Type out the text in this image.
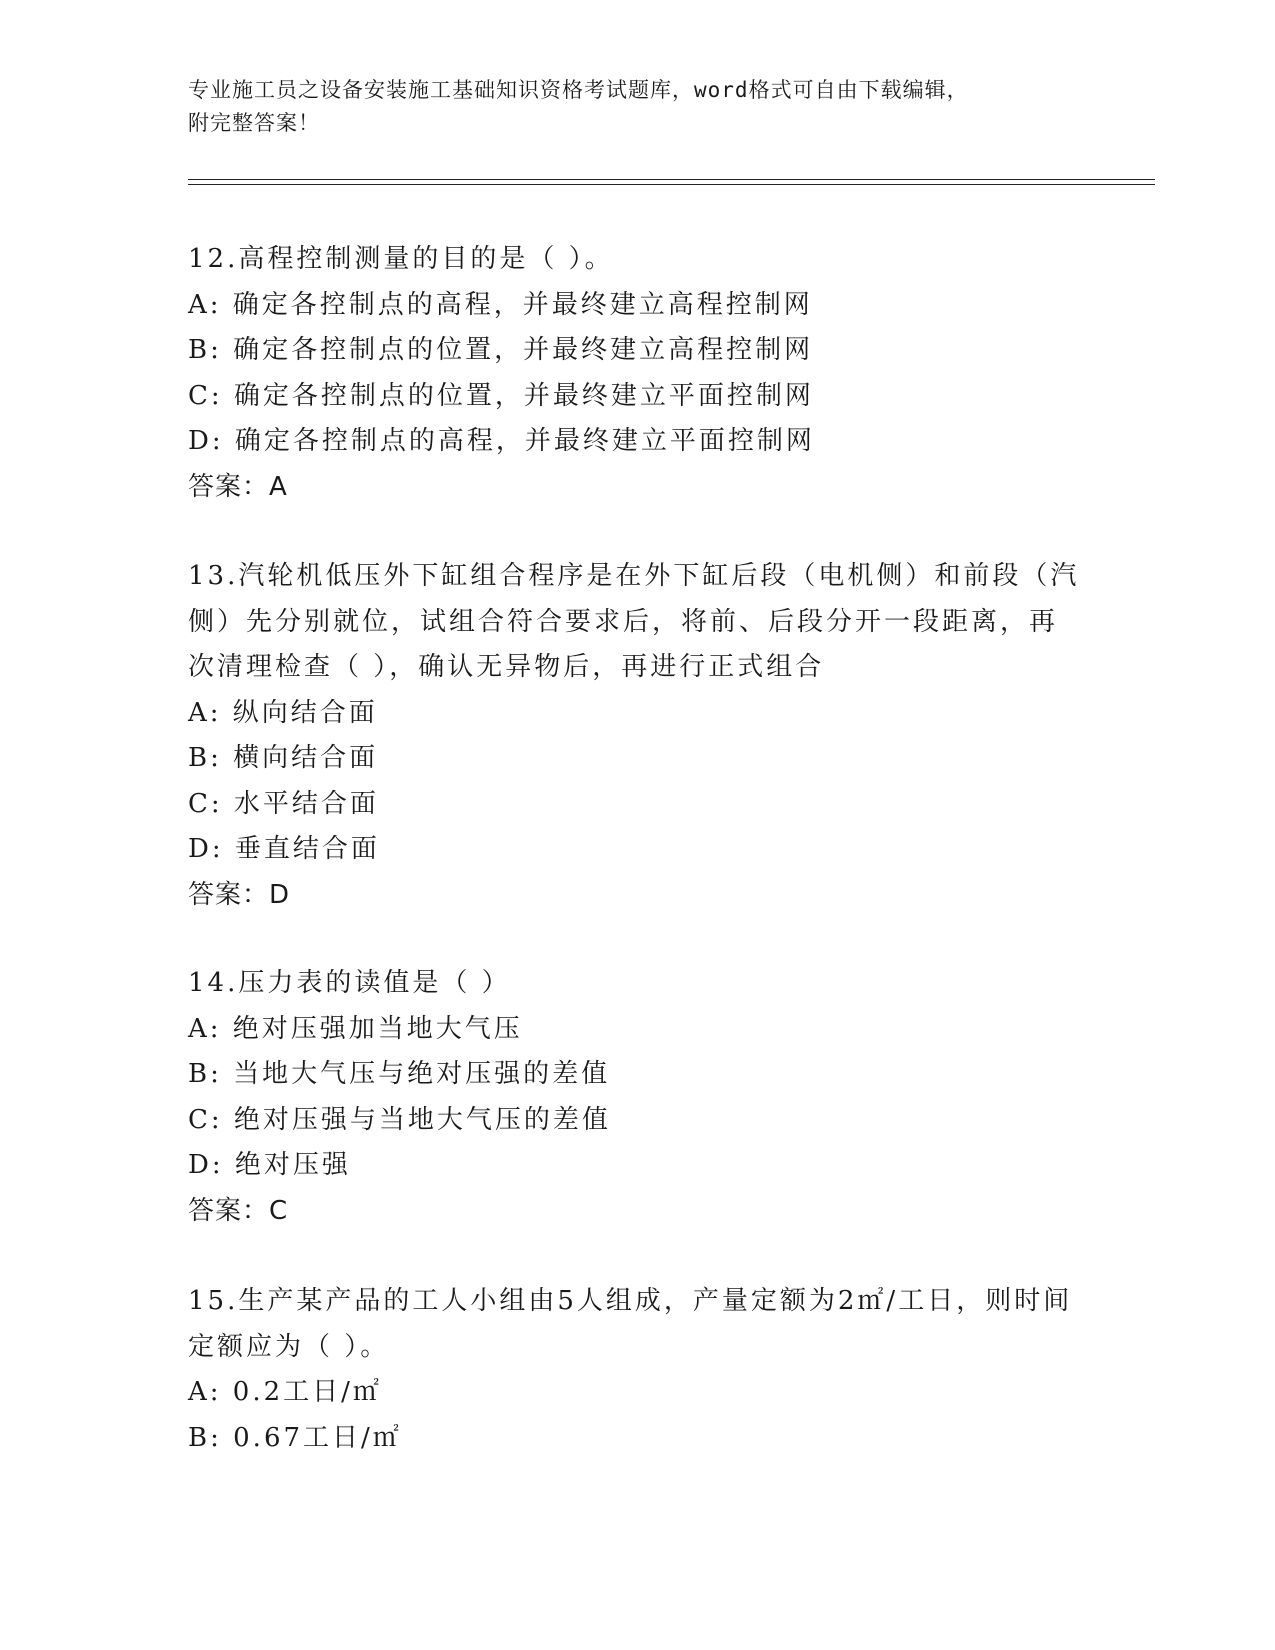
专业施工员之设备安装施工基础知识资格考试题库，word格式可自由下载编辑，
附完整答案！
12.高程控制测量的目的是（ ）。
A: 确定各控制点的高程，并最终建立高程控制网
B: 确定各控制点的位置，并最终建立高程控制网
C: 确定各控制点的位置，并最终建立平面控制网
D: 确定各控制点的高程，并最终建立平面控制网
答案：A
13.汽轮机低压外下缸组合程序是在外下缸后段（电机侧）和前段（汽
侧）先分别就位，试组合符合要求后，将前、后段分开一段距离，再
次清理检查（ ），确认无异物后，再进行正式组合
A: 纵向结合面
B: 横向结合面
C: 水平结合面
D: 垂直结合面
答案：D
14.压力表的读值是（ ）
A: 绝对压强加当地大气压
B: 当地大气压与绝对压强的差值
C: 绝对压强与当地大气压的差值
D: 绝对压强
答案：C
15.生产某产品的工人小组由5人组成，产量定额为2㎡/工日，则时间
定额应为（ ）。
A: 0.2工日/㎡
B: 0.67工日/㎡
